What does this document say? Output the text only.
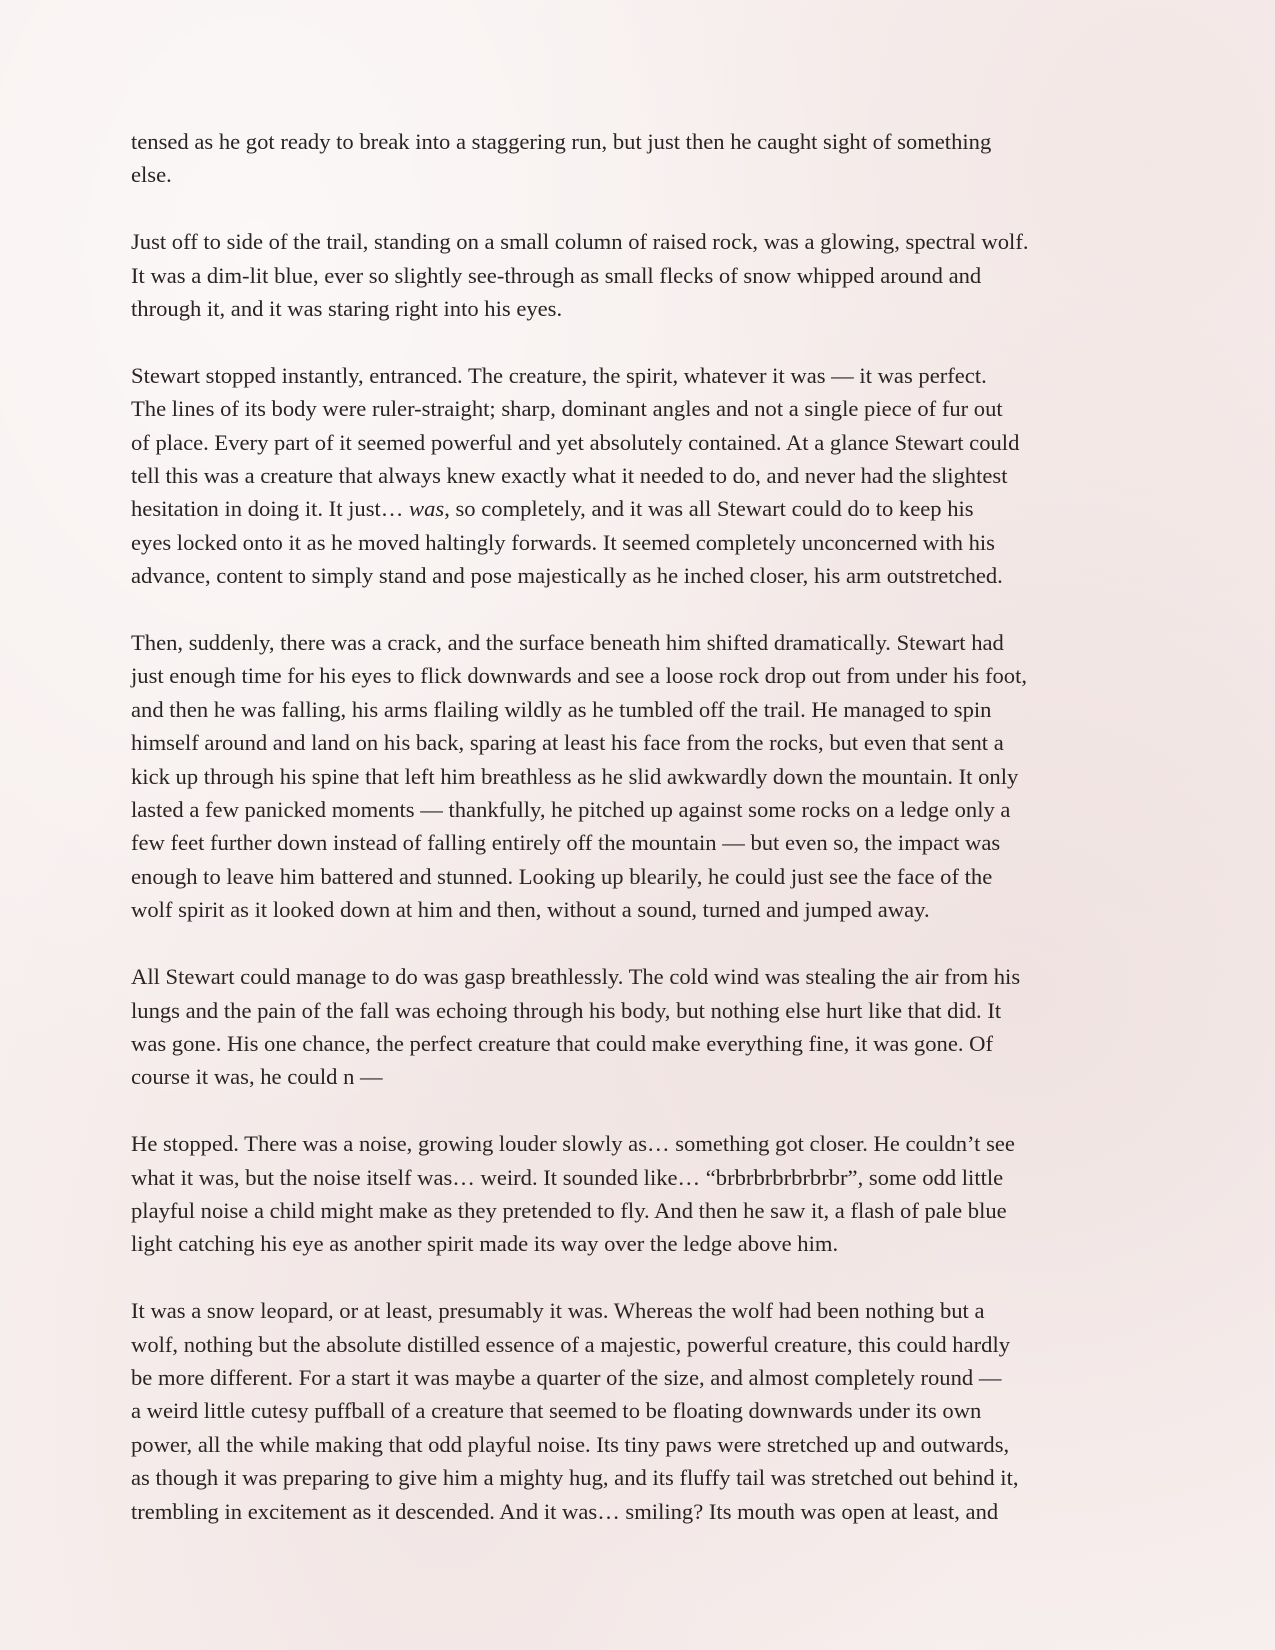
tensed as he got ready to break into a staggering run, but just then he caught sight of something
else.

Just off to side of the trail, standing on a small column of raised rock, was a glowing, spectral wolf.
It was a dim-lit blue, ever so slightly see-through as small flecks of snow whipped around and
through it, and it was staring right into his eyes.

Stewart stopped instantly, entranced. The creature, the spirit, whatever it was — it was perfect.
The lines of its body were ruler-straight; sharp, dominant angles and not a single piece of fur out
of place. Every part of it seemed powerful and yet absolutely contained. At a glance Stewart could
tell this was a creature that always knew exactly what it needed to do, and never had the slightest
hesitation in doing it. It just… was, so completely, and it was all Stewart could do to keep his
eyes locked onto it as he moved haltingly forwards. It seemed completely unconcerned with his
advance, content to simply stand and pose majestically as he inched closer, his arm outstretched.

Then, suddenly, there was a crack, and the surface beneath him shifted dramatically. Stewart had
just enough time for his eyes to flick downwards and see a loose rock drop out from under his foot,
and then he was falling, his arms flailing wildly as he tumbled off the trail. He managed to spin
himself around and land on his back, sparing at least his face from the rocks, but even that sent a
kick up through his spine that left him breathless as he slid awkwardly down the mountain. It only
lasted a few panicked moments — thankfully, he pitched up against some rocks on a ledge only a
few feet further down instead of falling entirely off the mountain — but even so, the impact was
enough to leave him battered and stunned. Looking up blearily, he could just see the face of the
wolf spirit as it looked down at him and then, without a sound, turned and jumped away.

All Stewart could manage to do was gasp breathlessly. The cold wind was stealing the air from his
lungs and the pain of the fall was echoing through his body, but nothing else hurt like that did. It
was gone. His one chance, the perfect creature that could make everything fine, it was gone. Of
course it was, he could n —

He stopped. There was a noise, growing louder slowly as… something got closer. He couldn’t see
what it was, but the noise itself was… weird. It sounded like… “brbrbrbrbrbrbr”, some odd little
playful noise a child might make as they pretended to fly. And then he saw it, a flash of pale blue
light catching his eye as another spirit made its way over the ledge above him.

It was a snow leopard, or at least, presumably it was. Whereas the wolf had been nothing but a
wolf, nothing but the absolute distilled essence of a majestic, powerful creature, this could hardly
be more different. For a start it was maybe a quarter of the size, and almost completely round —
a weird little cutesy puffball of a creature that seemed to be floating downwards under its own
power, all the while making that odd playful noise. Its tiny paws were stretched up and outwards,
as though it was preparing to give him a mighty hug, and its fluffy tail was stretched out behind it,
trembling in excitement as it descended. And it was… smiling? Its mouth was open at least, and
